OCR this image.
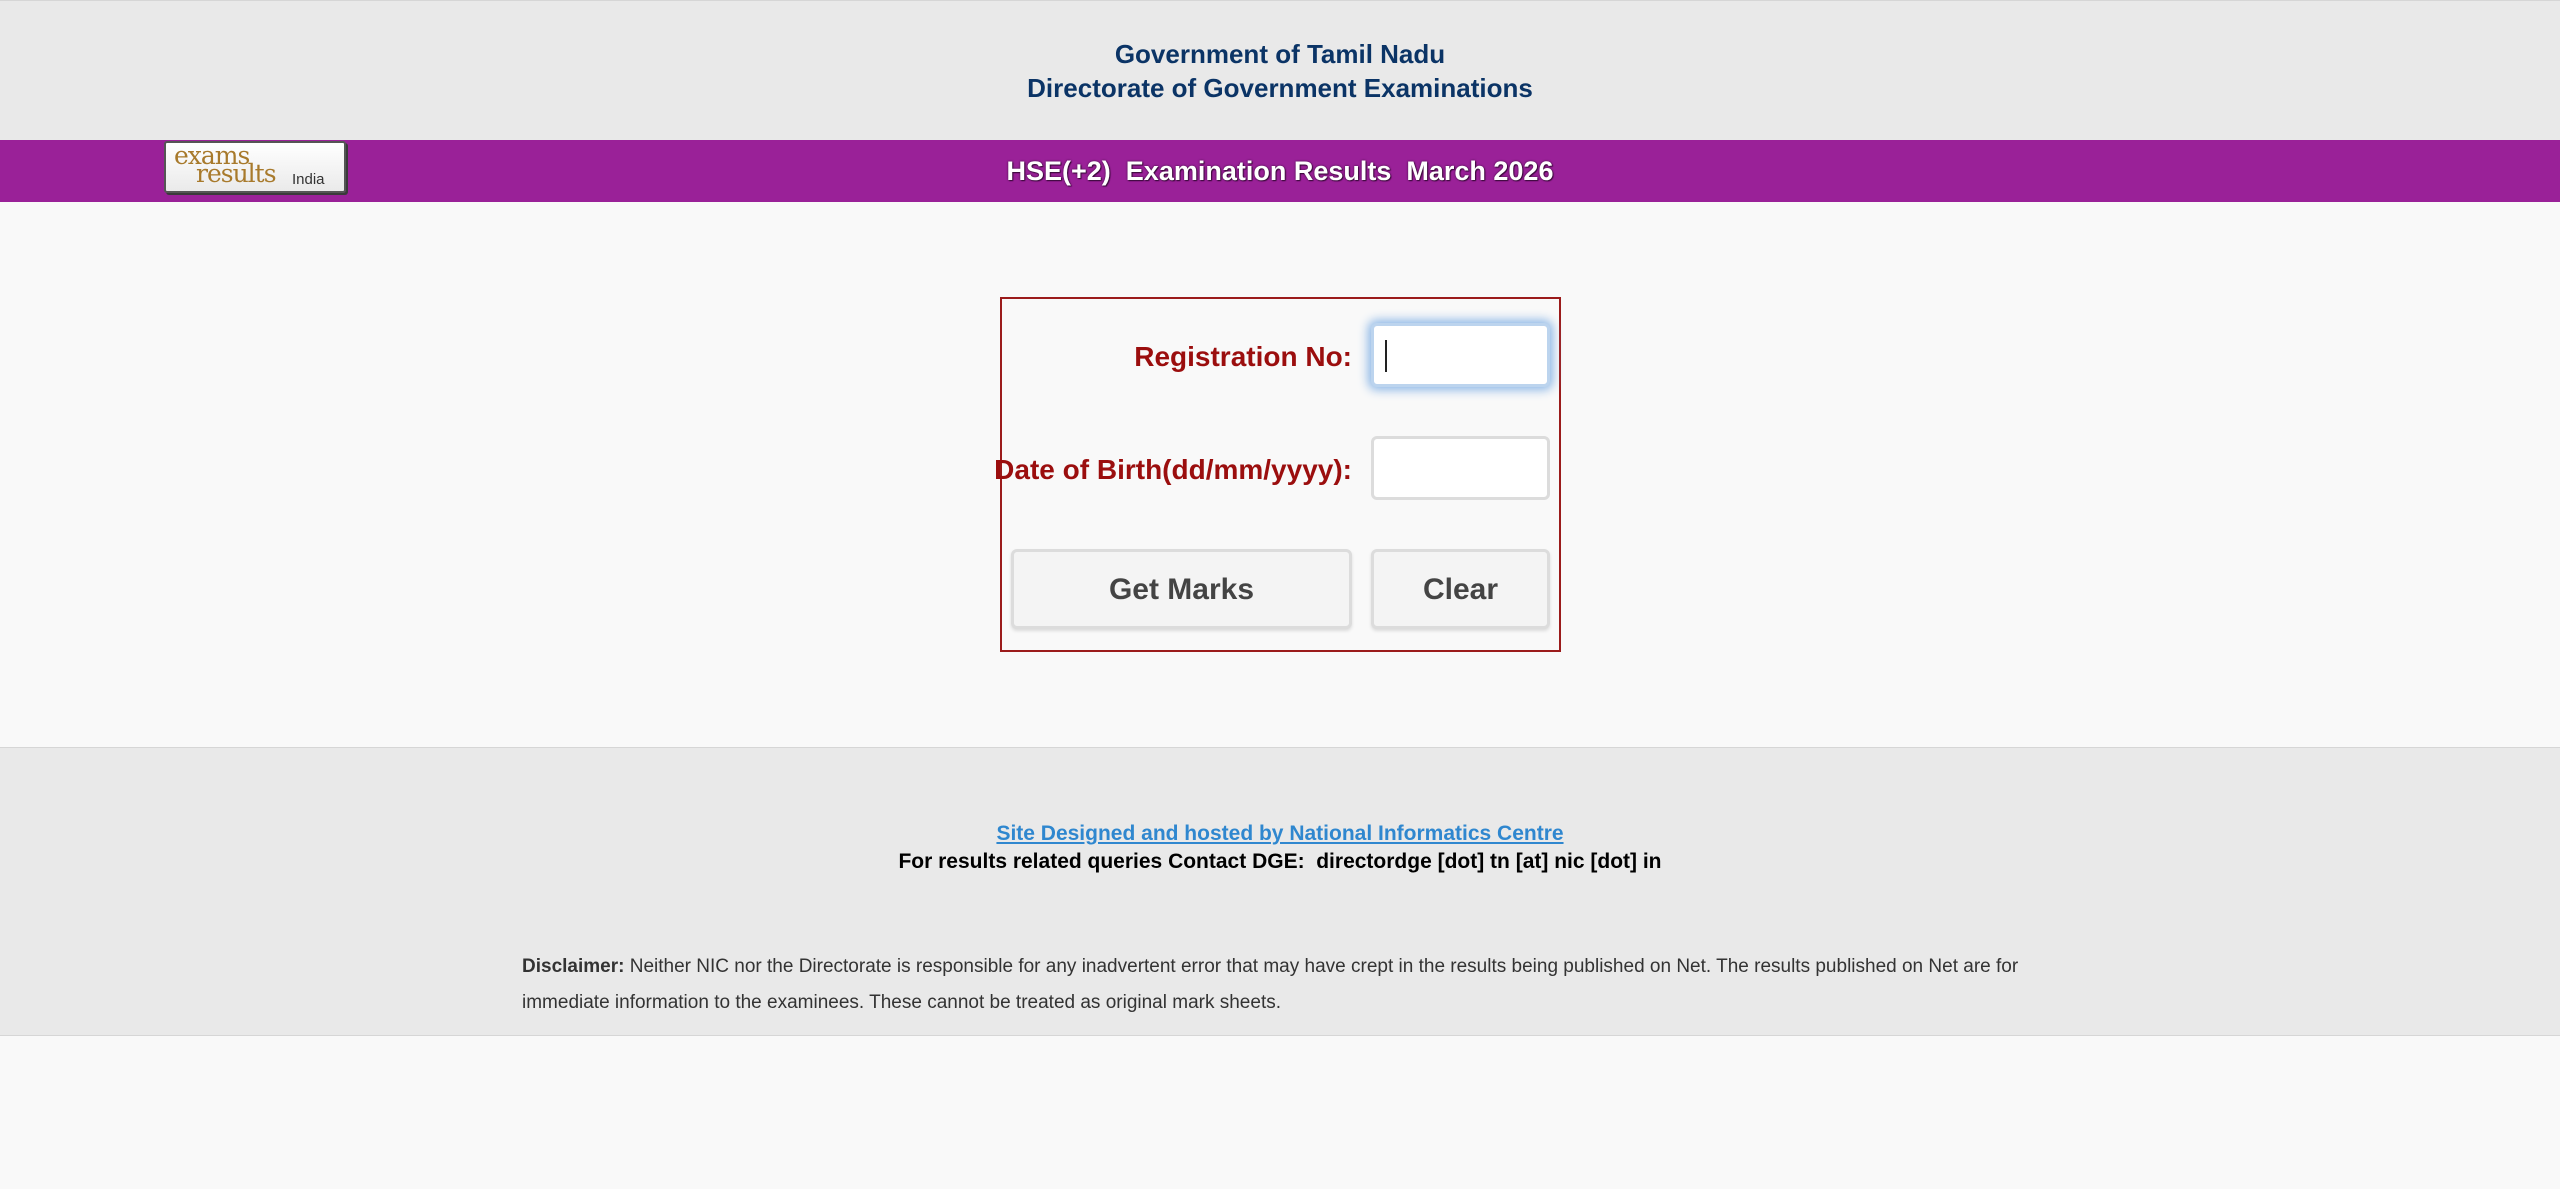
Government of Tamil Nadu
Directorate of Government Examinations
HSE(+2)  Examination Results  March 2026
exams
results India
Registration No:
Date of Birth(dd/mm/yyyy):
Get Marks	Clear
Site Designed and hosted by National Informatics Centre
For results related queries Contact DGE:  directordge [dot] tn [at] nic [dot] in
Disclaimer: Neither NIC nor the Directorate is responsible for any inadvertent error that may have crept in the results being published on Net. The results published on Net are for immediate information to the examinees. These cannot be treated as original mark sheets.
